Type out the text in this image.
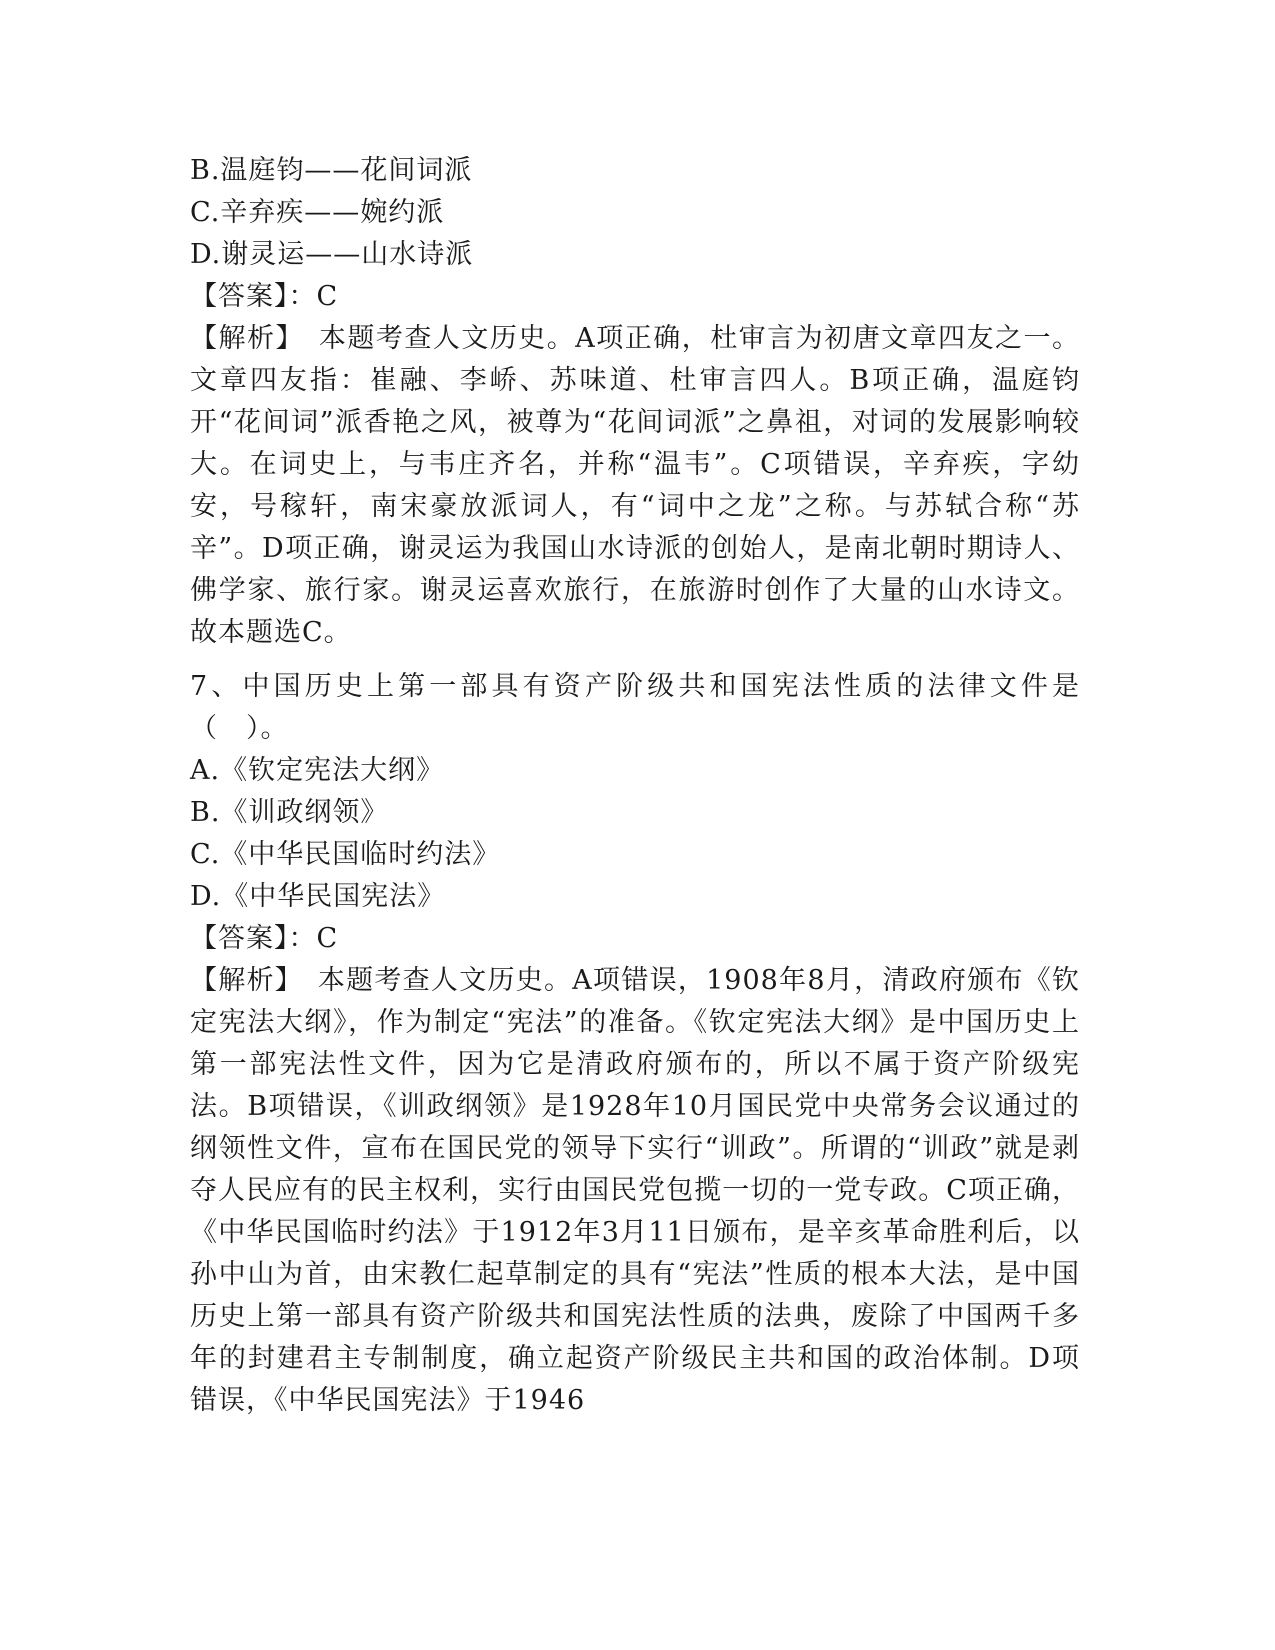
B.温庭钧——花间词派
C.辛弃疾——婉约派
D.谢灵运——山水诗派
【答案】：C
【解析】　本题考查人文历史。A项正确，杜审言为初唐文章四友之一。文章四友指：崔融、李峤、苏味道、杜审言四人。B项正确，温庭钧开“花间词”派香艳之风，被尊为“花间词派”之鼻祖，对词的发展影响较大。在词史上，与韦庄齐名，并称“温韦”。C项错误，辛弃疾，字幼安，号稼轩，南宋豪放派词人，有“词中之龙”之称。与苏轼合称“苏辛”。D项正确，谢灵运为我国山水诗派的创始人，是南北朝时期诗人、佛学家、旅行家。谢灵运喜欢旅行，在旅游时创作了大量的山水诗文。故本题选C。
7、中国历史上第一部具有资产阶级共和国宪法性质的法律文件是（　）。
A.《钦定宪法大纲》
B.《训政纲领》
C.《中华民国临时约法》
D.《中华民国宪法》
【答案】：C
【解析】　本题考查人文历史。A项错误，1908年8月，清政府颁布《钦定宪法大纲》，作为制定“宪法”的准备。《钦定宪法大纲》是中国历史上第一部宪法性文件，因为它是清政府颁布的，所以不属于资产阶级宪法。B项错误，《训政纲领》是1928年10月国民党中央常务会议通过的纲领性文件，宣布在国民党的领导下实行“训政”。所谓的“训政”就是剥夺人民应有的民主权利，实行由国民党包揽一切的一党专政。C项正确，《中华民国临时约法》于1912年3月11日颁布，是辛亥革命胜利后，以孙中山为首，由宋教仁起草制定的具有“宪法”性质的根本大法，是中国历史上第一部具有资产阶级共和国宪法性质的法典，废除了中国两千多年的封建君主专制制度，确立起资产阶级民主共和国的政治体制。D项错误，《中华民国宪法》于1946
